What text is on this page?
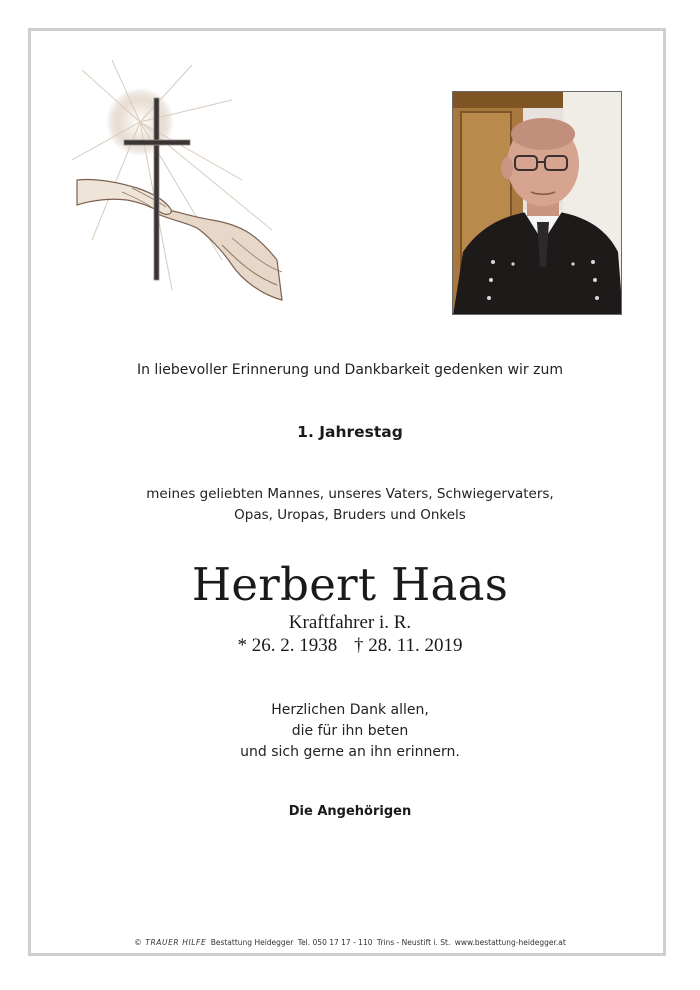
In liebevoller Erinnerung und Dankbarkeit gedenken wir zum
1. Jahrestag
meines geliebten Mannes, unseres Vaters, Schwiegervaters,
Opas, Uropas, Bruders und Onkels
Herbert Haas
Kraftfahrer i. R.
* 26. 2. 1938 † 28. 11. 2019
Herzlichen Dank allen,
die für ihn beten
und sich gerne an ihn erinnern.
Die Angehörigen
© TRAUER HILFE Bestattung Heidegger Tel. 050 17 17 - 110 Trins - Neustift i. St. www.bestattung-heidegger.at
